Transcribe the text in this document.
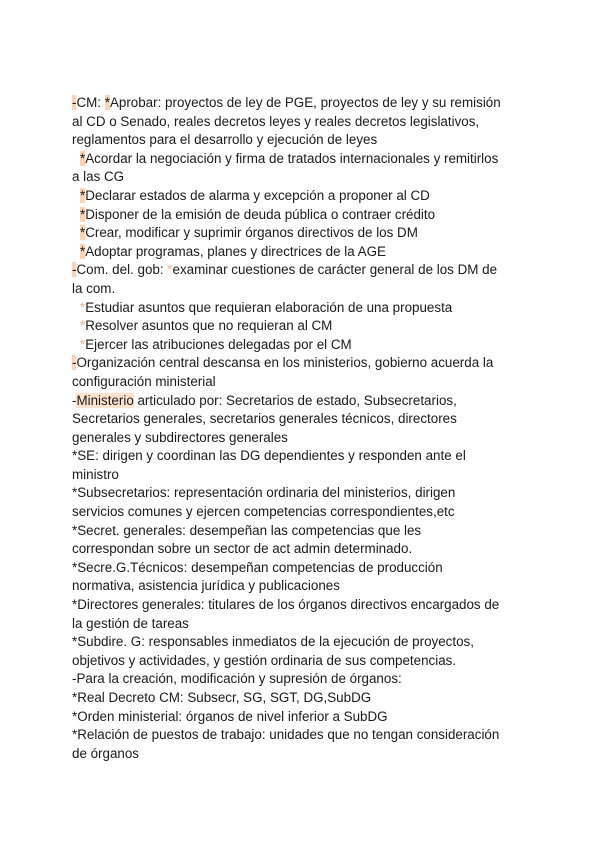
-CM: *Aprobar: proyectos de ley de PGE, proyectos de ley y su remisión
al CD o Senado, reales decretos leyes y reales decretos legislativos,
reglamentos para el desarrollo y ejecución de leyes
*Acordar la negociación y firma de tratados internacionales y remitirlos
a las CG
*Declarar estados de alarma y excepción a proponer al CD
*Disponer de la emisión de deuda pública o contraer crédito
*Crear, modificar y suprimir órganos directivos de los DM
*Adoptar programas, planes y directrices de la AGE
-Com. del. gob: *examinar cuestiones de carácter general de los DM de
la com.
*Estudiar asuntos que requieran elaboración de una propuesta
*Resolver asuntos que no requieran al CM
*Ejercer las atribuciones delegadas por el CM
-Organización central descansa en los ministerios, gobierno acuerda la
configuración ministerial
-Ministerio articulado por: Secretarios de estado, Subsecretarios,
Secretarios generales, secretarios generales técnicos, directores
generales y subdirectores generales
*SE: dirigen y coordinan las DG dependientes y responden ante el
ministro
*Subsecretarios: representación ordinaria del ministerios, dirigen
servicios comunes y ejercen competencias correspondientes,etc
*Secret. generales: desempeñan las competencias que les
correspondan sobre un sector de act admin determinado.
*Secre.G.Técnicos: desempeñan competencias de producción
normativa, asistencia jurídica y publicaciones
*Directores generales: titulares de los órganos directivos encargados de
la gestión de tareas
*Subdire. G: responsables inmediatos de la ejecución de proyectos,
objetivos y actividades, y gestión ordinaria de sus competencias.
-Para la creación, modificación y supresión de órganos:
*Real Decreto CM: Subsecr, SG, SGT, DG,SubDG
*Orden ministerial: órganos de nivel inferior a SubDG
*Relación de puestos de trabajo: unidades que no tengan consideración
de órganos
